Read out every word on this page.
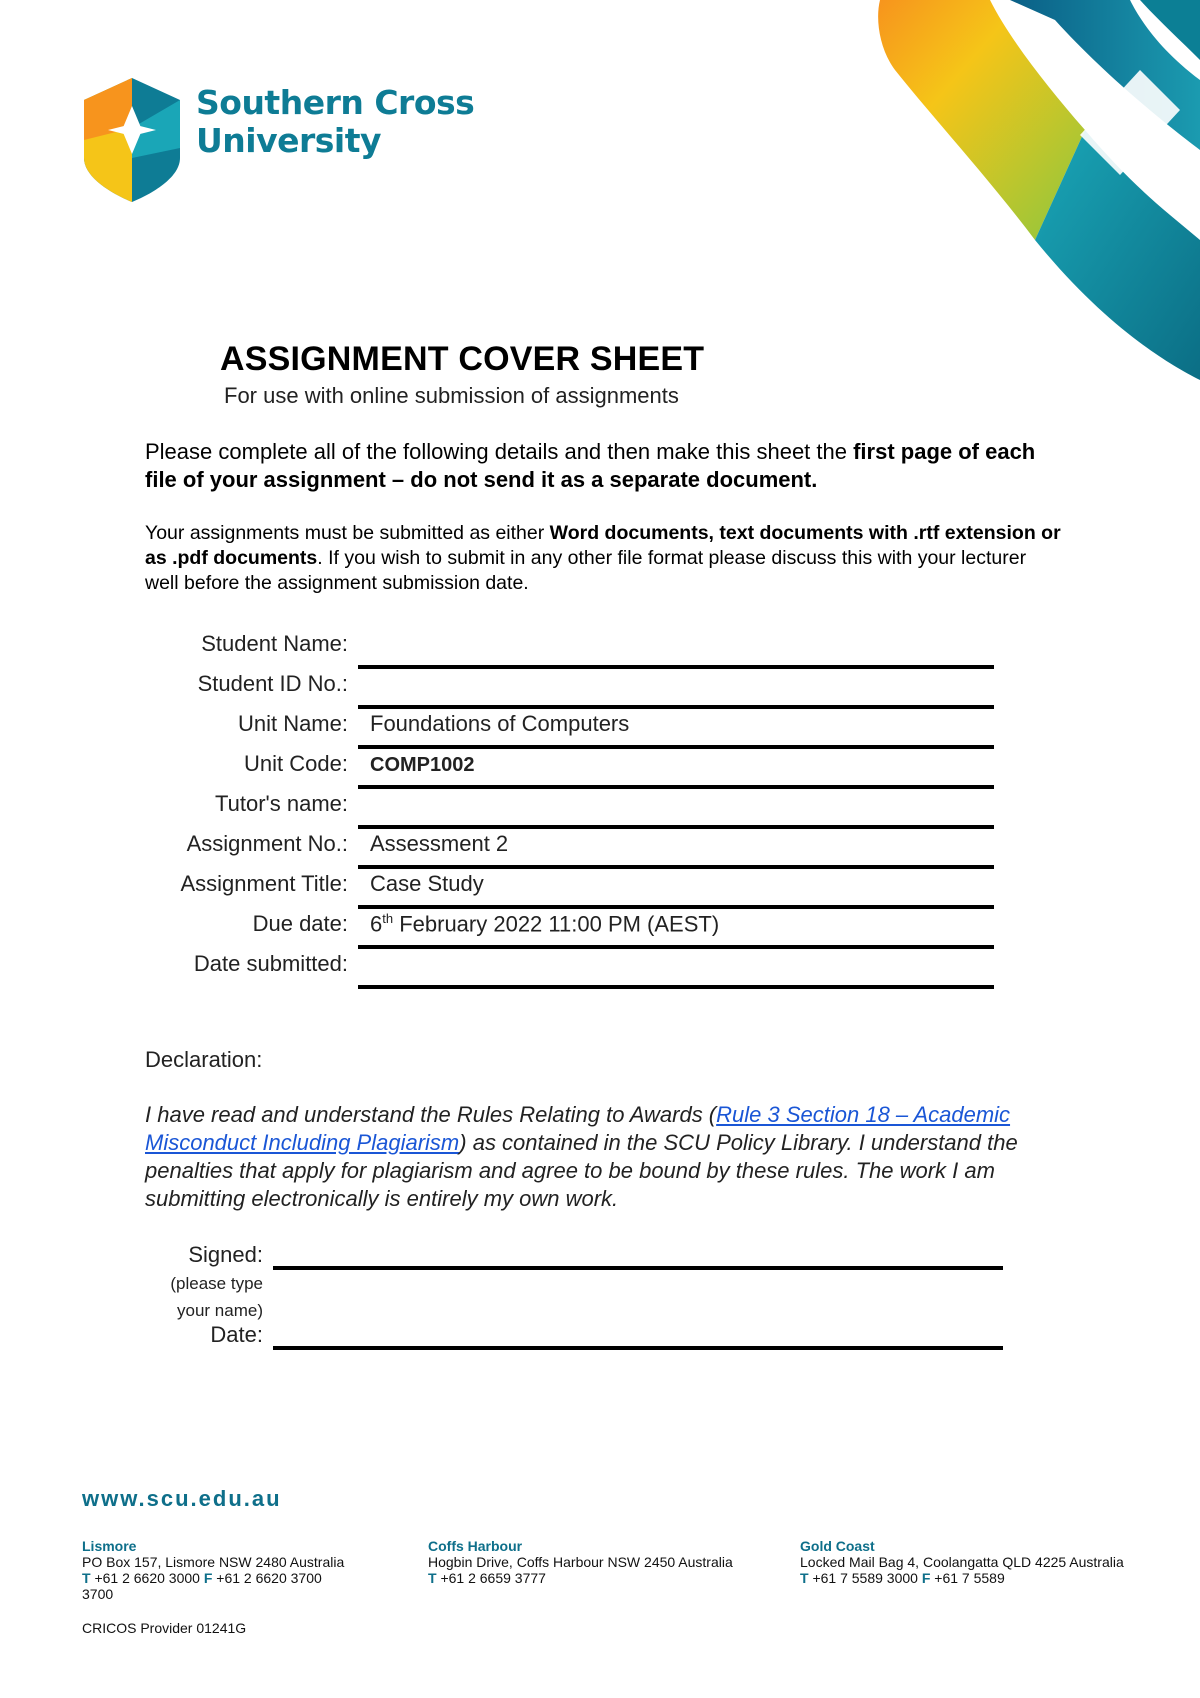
Southern Cross
University
ASSIGNMENT COVER SHEET
For use with online submission of assignments
Please complete all of the following details and then make this sheet the first page of each file of your assignment – do not send it as a separate document.
Your assignments must be submitted as either Word documents, text documents with .rtf extension or as .pdf documents. If you wish to submit in any other file format please discuss this with your lecturer well before the assignment submission date.
Student Name:
Student ID No.:
Unit Name: Foundations of Computers
Unit Code: COMP1002
Tutor's name:
Assignment No.: Assessment 2
Assignment Title: Case Study
Due date: 6th February 2022 11:00 PM (AEST)
Date submitted:
Declaration:
I have read and understand the Rules Relating to Awards (Rule 3 Section 18 – Academic Misconduct Including Plagiarism) as contained in the SCU Policy Library. I understand the penalties that apply for plagiarism and agree to be bound by these rules. The work I am submitting electronically is entirely my own work.
Signed:
(please type
your name)
Date:
www.scu.edu.au
Lismore
PO Box 157, Lismore NSW 2480 Australia
T +61 2 6620 3000 F +61 2 6620 3700
3700
Coffs Harbour
Hogbin Drive, Coffs Harbour NSW 2450 Australia
T +61 2 6659 3777
Gold Coast
Locked Mail Bag 4, Coolangatta QLD 4225 Australia
T +61 7 5589 3000 F +61 7 5589
CRICOS Provider 01241G
